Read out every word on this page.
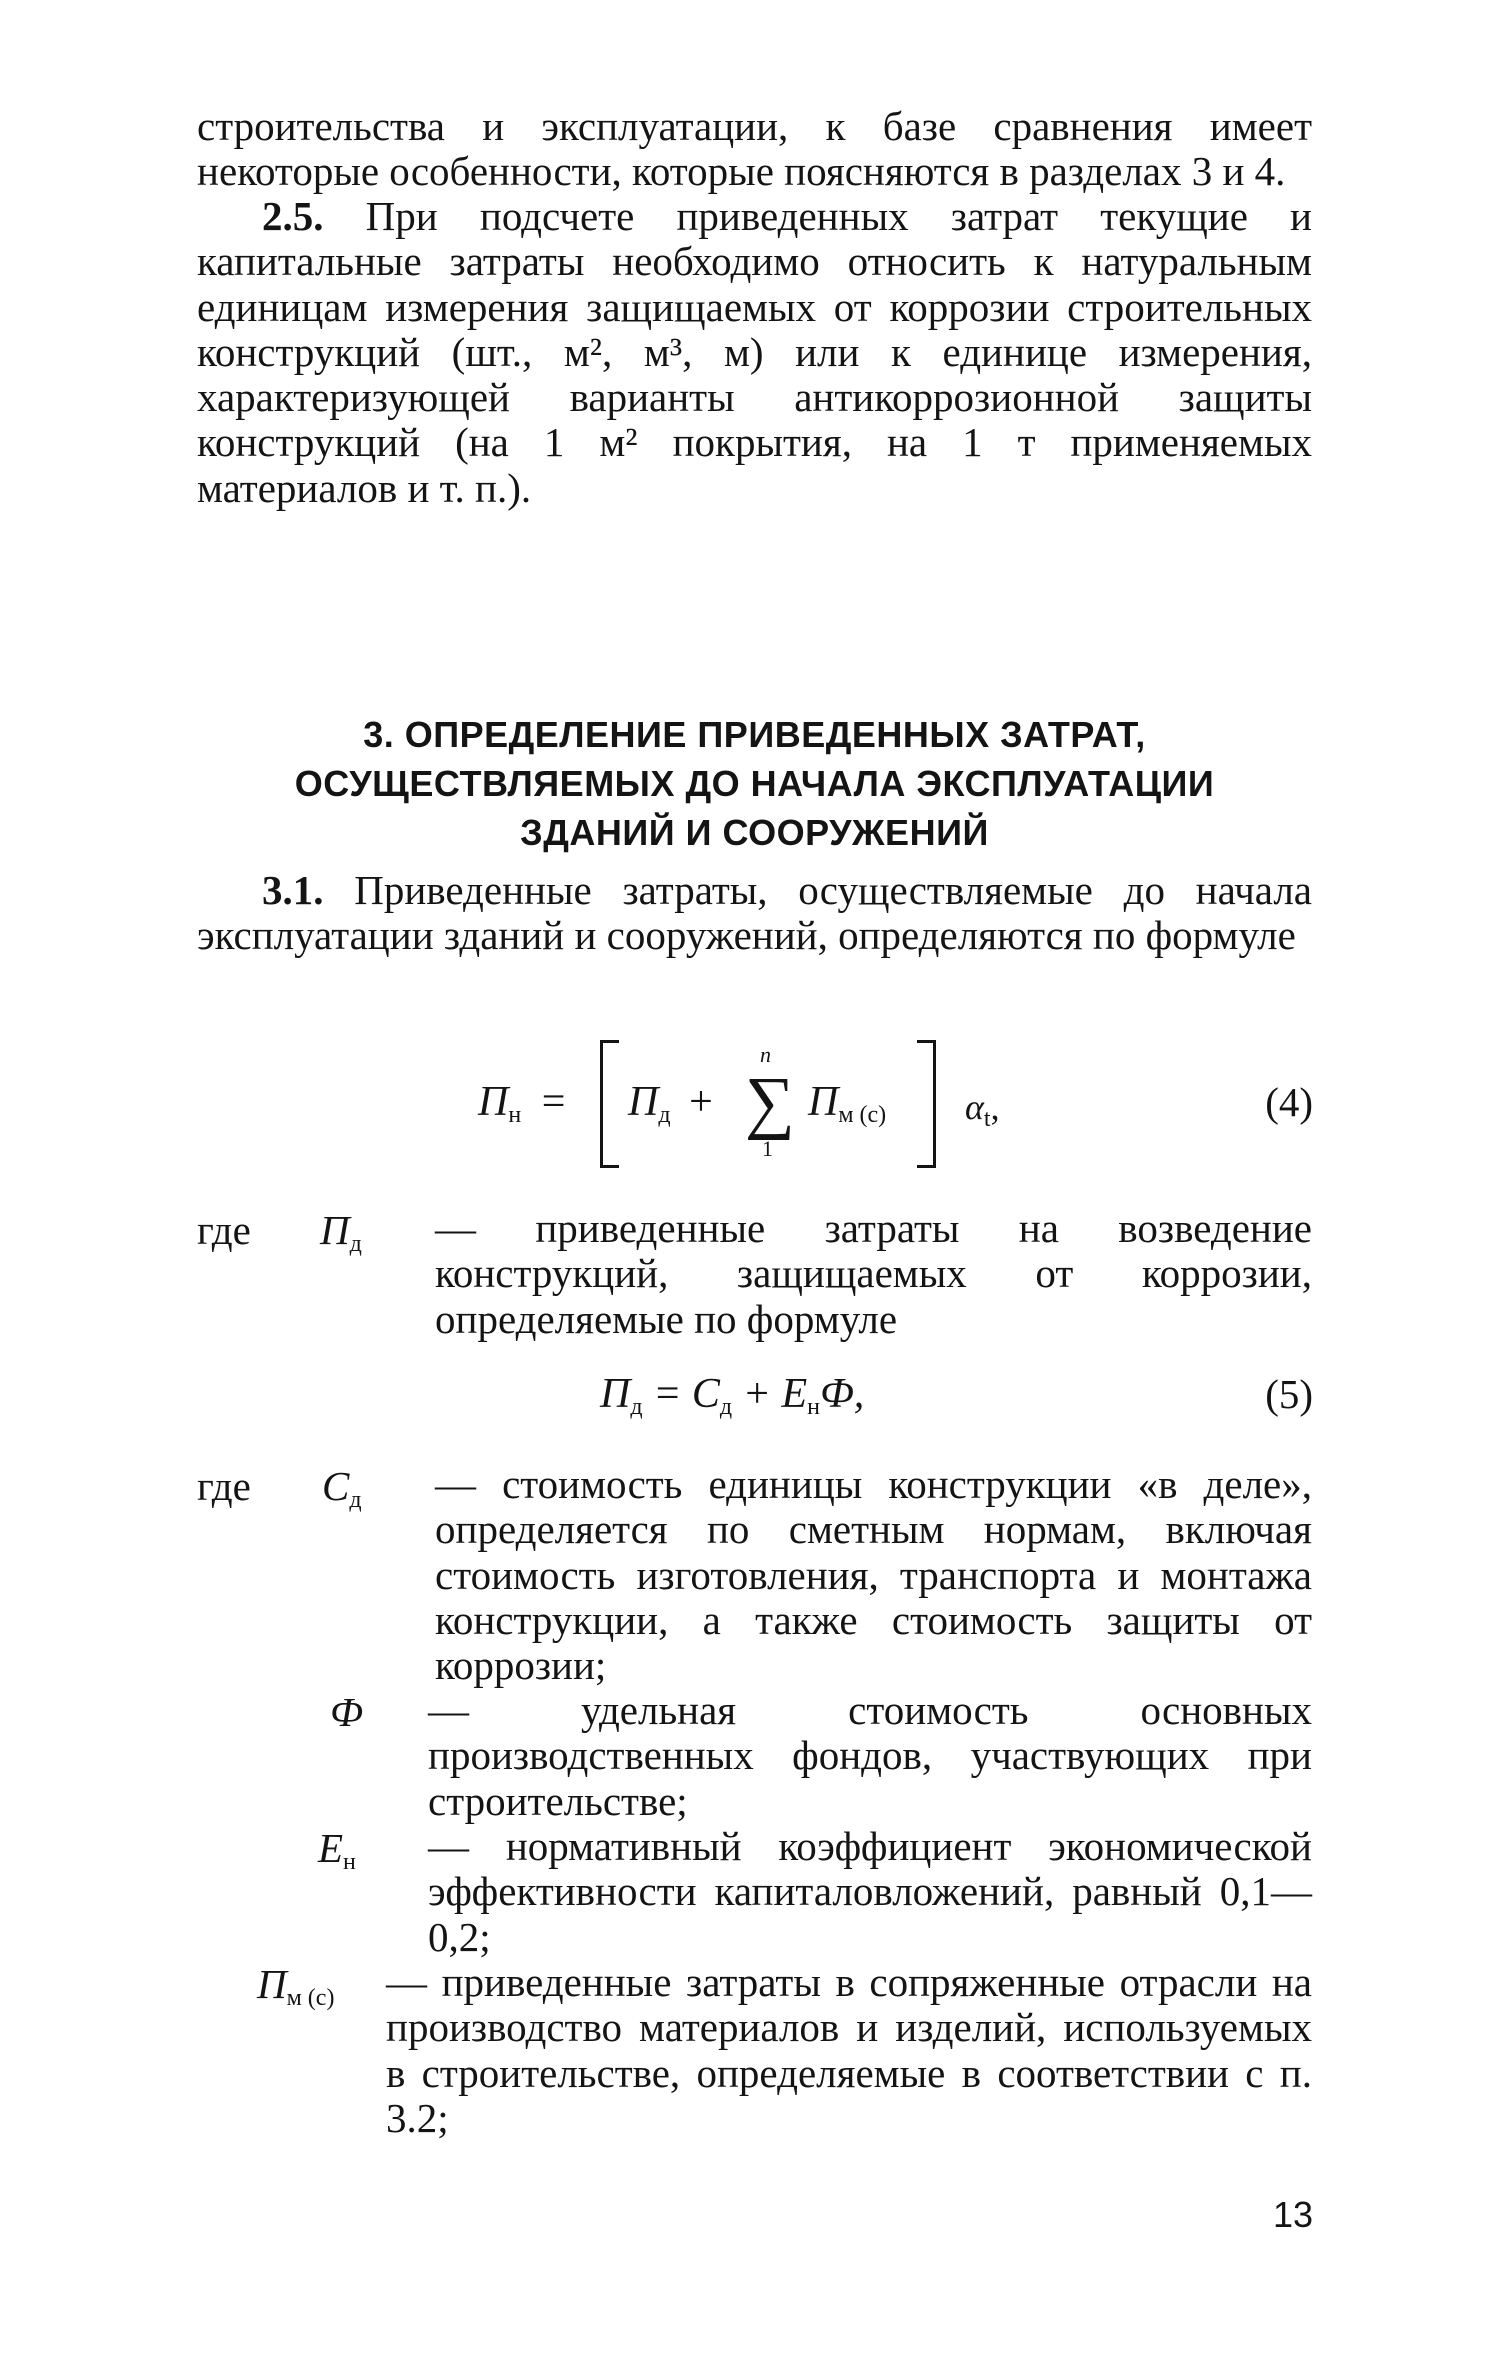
строительства и эксплуатации, к базе сравнения имеет некоторые особенности, которые поясняются в разделах 3 и 4.

2.5. При подсчете приведенных затрат текущие и капитальные затраты необходимо относить к натуральным единицам измерения защищаемых от коррозии строительных конструкций (шт., м², м³, м) или к единице измерения, характеризующей варианты антикоррозионной защиты конструкций (на 1 м² покрытия, на 1 т применяемых материалов и т. п.).

3. ОПРЕДЕЛЕНИЕ ПРИВЕДЕННЫХ ЗАТРАТ,
ОСУЩЕСТВЛЯЕМЫХ ДО НАЧАЛА ЭКСПЛУАТАЦИИ
ЗДАНИЙ И СООРУЖЕНИЙ

3.1. Приведенные затраты, осуществляемые до начала эксплуатации зданий и сооружений, определяются по формуле

$П_н = П_д$ +
n
∑
1
$П_{м (с)}$ $\alpha_t$,	(4)
где $П_д$ — приведенные затраты на возведение конструкций, защищаемых от коррозии, определяемые по формуле

$П_д = С_д + Е_нФ$,	(5)
где $С_д$ — стоимость единицы конструкции «в деле», определяется по сметным нормам, включая стоимость изготовления, транспорта и монтажа конструкции, а также стоимость защиты от коррозии;

Ф — удельная стоимость основных производственных фондов, участвующих при строительстве;

$Е_н$ — нормативный коэффициент экономической эффективности капиталовложений, равный 0,1—0,2;

$П_{м (с)}$ — приведенные затраты в сопряженные отрасли на производство материалов и изделий, используемых в строительстве, определяемые в соответствии с п. 3.2;

13
